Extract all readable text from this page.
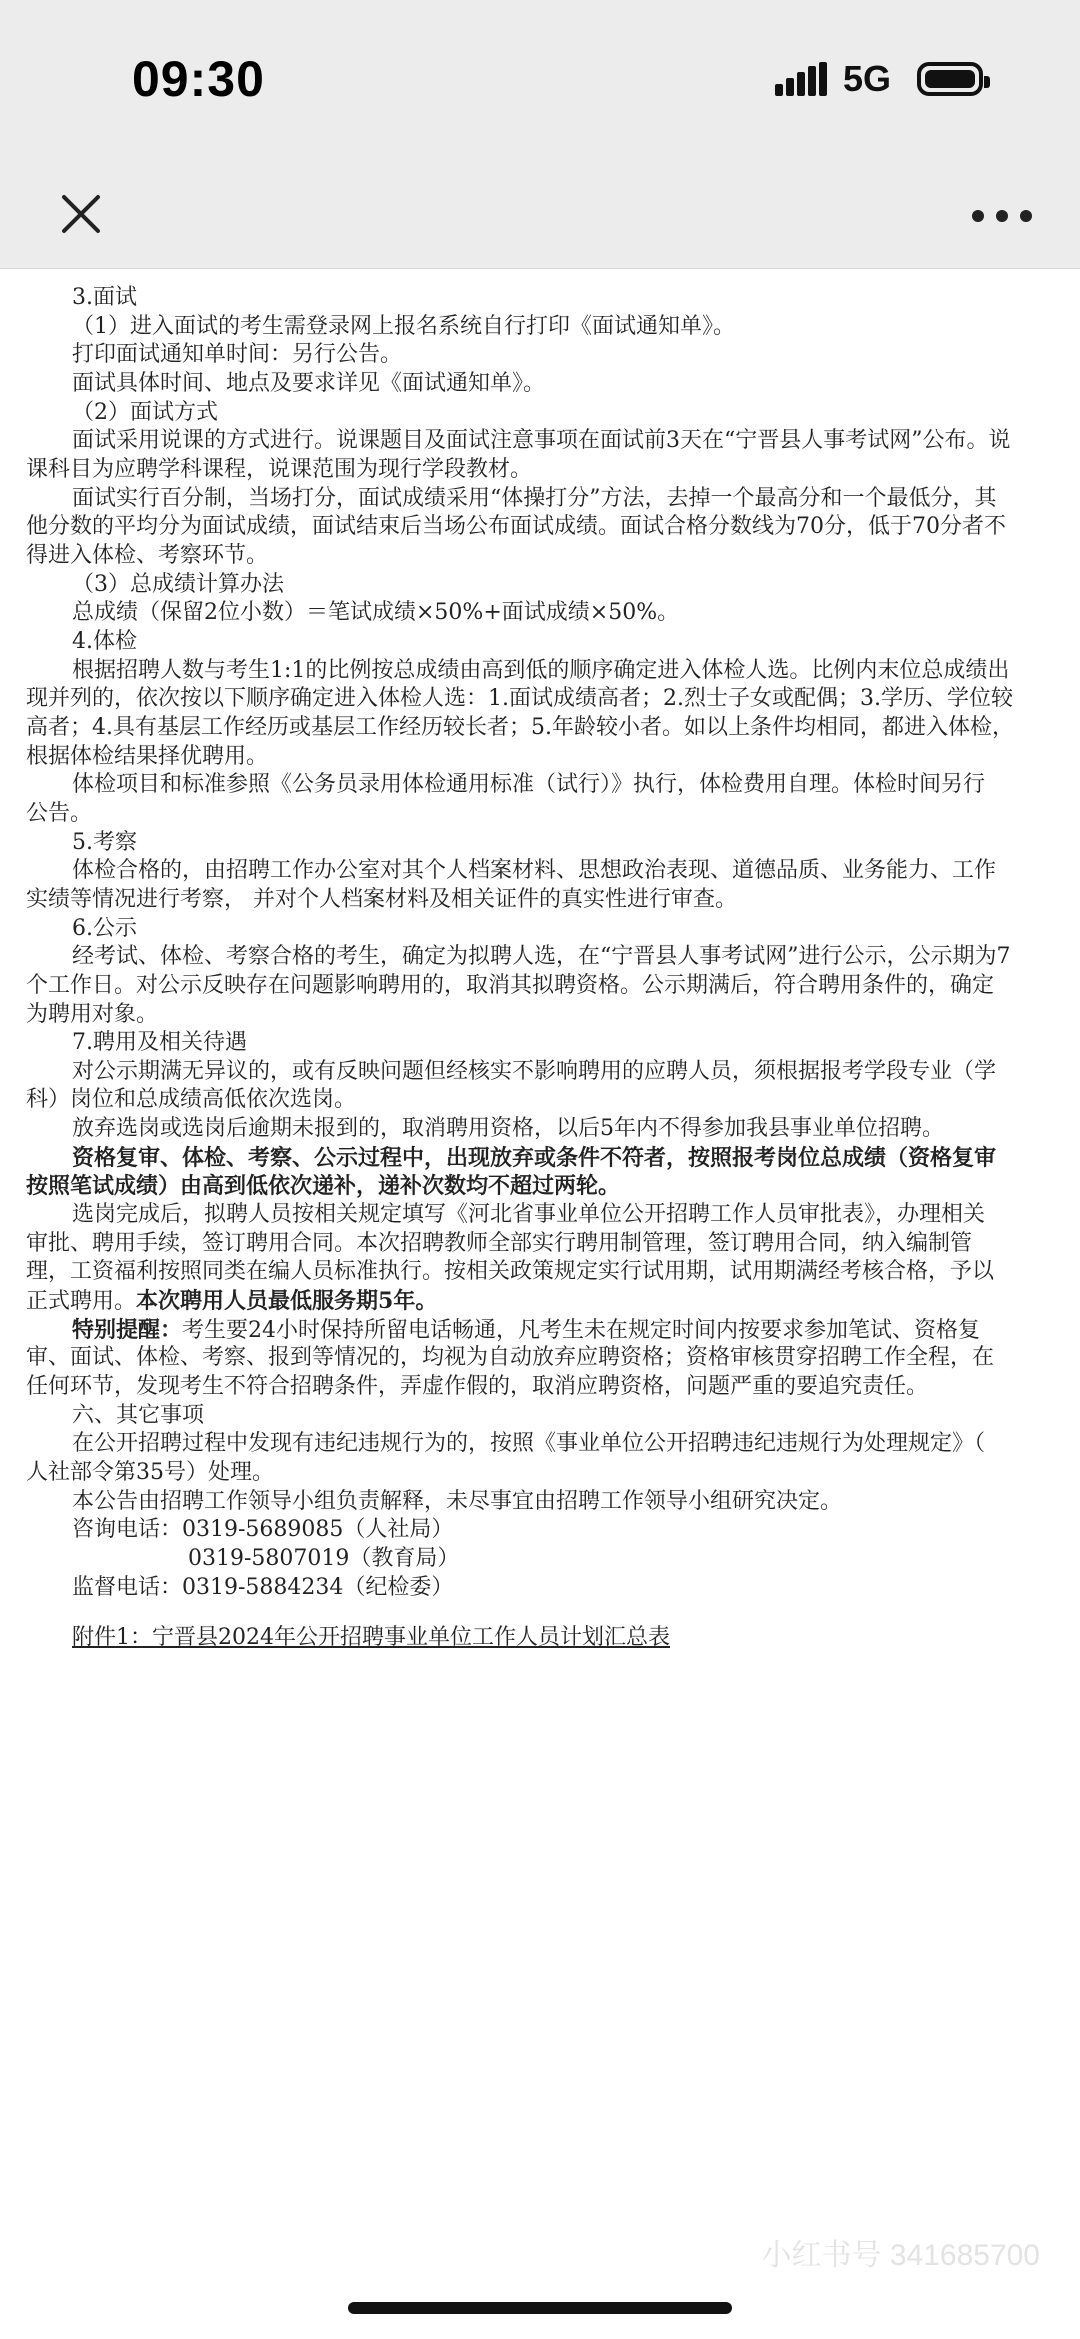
09:30	5G
3.面试
（1）进入面试的考生需登录网上报名系统自行打印《面试通知单》。
打印面试通知单时间：另行公告。
面试具体时间、地点及要求详见《面试通知单》。
（2）面试方式
面试采用说课的方式进行。说课题目及面试注意事项在面试前3天在“宁晋县人事考试网”公布。说
课科目为应聘学科课程，说课范围为现行学段教材。
面试实行百分制，当场打分，面试成绩采用“体操打分”方法，去掉一个最高分和一个最低分，其
他分数的平均分为面试成绩，面试结束后当场公布面试成绩。面试合格分数线为70分，低于70分者不
得进入体检、考察环节。
（3）总成绩计算办法
总成绩（保留2位小数）＝笔试成绩×50%+面试成绩×50%。
4.体检
根据招聘人数与考生1:1的比例按总成绩由高到低的顺序确定进入体检人选。比例内末位总成绩出
现并列的，依次按以下顺序确定进入体检人选：1.面试成绩高者；2.烈士子女或配偶；3.学历、学位较
高者；4.具有基层工作经历或基层工作经历较长者；5.年龄较小者。如以上条件均相同，都进入体检，
根据体检结果择优聘用。
体检项目和标准参照《公务员录用体检通用标准（试行）》执行，体检费用自理。体检时间另行
公告。
5.考察
体检合格的，由招聘工作办公室对其个人档案材料、思想政治表现、道德品质、业务能力、工作
实绩等情况进行考察， 并对个人档案材料及相关证件的真实性进行审查。
6.公示
经考试、体检、考察合格的考生，确定为拟聘人选，在“宁晋县人事考试网”进行公示，公示期为7
个工作日。对公示反映存在问题影响聘用的，取消其拟聘资格。公示期满后，符合聘用条件的，确定
为聘用对象。
7.聘用及相关待遇
对公示期满无异议的，或有反映问题但经核实不影响聘用的应聘人员，须根据报考学段专业（学
科）岗位和总成绩高低依次选岗。
放弃选岗或选岗后逾期未报到的，取消聘用资格，以后5年内不得参加我县事业单位招聘。
资格复审、体检、考察、公示过程中，出现放弃或条件不符者，按照报考岗位总成绩（资格复审
按照笔试成绩）由高到低依次递补，递补次数均不超过两轮。
选岗完成后，拟聘人员按相关规定填写《河北省事业单位公开招聘工作人员审批表》，办理相关
审批、聘用手续，签订聘用合同。本次招聘教师全部实行聘用制管理，签订聘用合同，纳入编制管
理，工资福利按照同类在编人员标准执行。按相关政策规定实行试用期，试用期满经考核合格，予以
正式聘用。本次聘用人员最低服务期5年。
特别提醒：考生要24小时保持所留电话畅通，凡考生未在规定时间内按要求参加笔试、资格复
审、面试、体检、考察、报到等情况的，均视为自动放弃应聘资格；资格审核贯穿招聘工作全程，在
任何环节，发现考生不符合招聘条件，弄虚作假的，取消应聘资格，问题严重的要追究责任。
六、其它事项
在公开招聘过程中发现有违纪违规行为的，按照《事业单位公开招聘违纪违规行为处理规定》（
人社部令第35号）处理。
本公告由招聘工作领导小组负责解释，未尽事宜由招聘工作领导小组研究决定。
咨询电话：0319-5689085（人社局）
0319-5807019（教育局）
监督电话：0319-5884234（纪检委）
附件1：宁晋县2024年公开招聘事业单位工作人员计划汇总表
小红书号 341685700
